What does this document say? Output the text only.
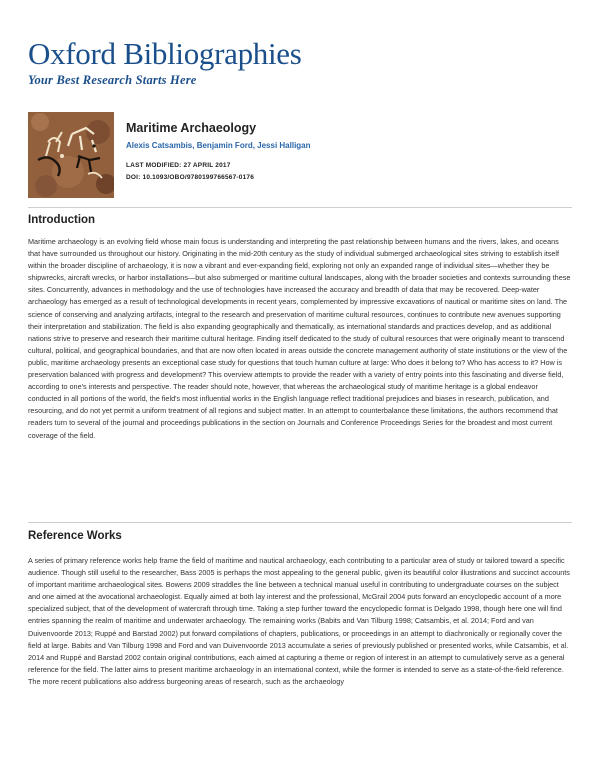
Oxford Bibliographies
Your Best Research Starts Here
Maritime Archaeology
Alexis Catsambis, Benjamin Ford, Jessi Halligan
LAST MODIFIED: 27 APRIL 2017
DOI: 10.1093/OBO/9780199766567-0176
Introduction

Maritime archaeology is an evolving field whose main focus is understanding and interpreting the past relationship between humans and the rivers, lakes, and oceans that have surrounded us throughout our history. Originating in the mid-20th century as the study of individual submerged archaeological sites striving to establish itself within the broader discipline of archaeology, it is now a vibrant and ever-expanding field, exploring not only an expanded range of individual sites—whether they be shipwrecks, aircraft wrecks, or harbor installations—but also submerged or maritime cultural landscapes, along with the broader societies and contexts surrounding these sites. Concurrently, advances in methodology and the use of technologies have increased the accuracy and breadth of data that may be recovered. Deep-water archaeology has emerged as a result of technological developments in recent years, complemented by impressive excavations of nautical or maritime sites on land. The science of conserving and analyzing artifacts, integral to the research and preservation of maritime cultural resources, continues to contribute new avenues supporting their interpretation and stabilization. The field is also expanding geographically and thematically, as international standards and practices develop, and as additional nations strive to preserve and research their maritime cultural heritage. Finding itself dedicated to the study of cultural resources that were originally meant to transcend cultural, political, and geographical boundaries, and that are now often located in areas outside the concrete management authority of state institutions or the view of the public, maritime archaeology presents an exceptional case study for questions that touch human culture at large: Who does it belong to? Who has access to it? How is preservation balanced with progress and development? This overview attempts to provide the reader with a variety of entry points into this fascinating and diverse field, according to one's interests and perspective. The reader should note, however, that whereas the archaeological study of maritime heritage is a global endeavor conducted in all portions of the world, the field's most influential works in the English language reflect traditional prejudices and biases in research, publication, and resourcing, and do not yet permit a uniform treatment of all regions and subject matter. In an attempt to counterbalance these limitations, the authors recommend that readers turn to several of the journal and proceedings publications in the section on Journals and Conference Proceedings Series for the broadest and most current coverage of the field.

Reference Works

A series of primary reference works help frame the field of maritime and nautical archaeology, each contributing to a particular area of study or tailored toward a specific audience. Though still useful to the researcher, Bass 2005 is perhaps the most appealing to the general public, given its beautiful color illustrations and succinct accounts of important maritime archaeological sites. Bowens 2009 straddles the line between a technical manual useful in contributing to undergraduate courses on the subject and one aimed at the avocational archaeologist. Equally aimed at both lay interest and the professional, McGrail 2004 puts forward an encyclopedic account of a more specialized subject, that of the development of watercraft through time. Taking a step further toward the encyclopedic format is Delgado 1998, though here one will find entries spanning the realm of maritime and underwater archaeology. The remaining works (Babits and Van Tilburg 1998; Catsambis, et al. 2014; Ford and van Duivenvoorde 2013; Ruppé and Barstad 2002) put forward compilations of chapters, publications, or proceedings in an attempt to diachronically or regionally cover the field at large. Babits and Van Tilburg 1998 and Ford and van Duivenvoorde 2013 accumulate a series of previously published or presented works, while Catsambis, et al. 2014 and Ruppé and Barstad 2002 contain original contributions, each aimed at capturing a theme or region of interest in an attempt to cumulatively serve as a general reference for the field. The latter aims to present maritime archaeology in an international context, while the former is intended to serve as a state-of-the-field reference. The more recent publications also address burgeoning areas of research, such as the archaeology
